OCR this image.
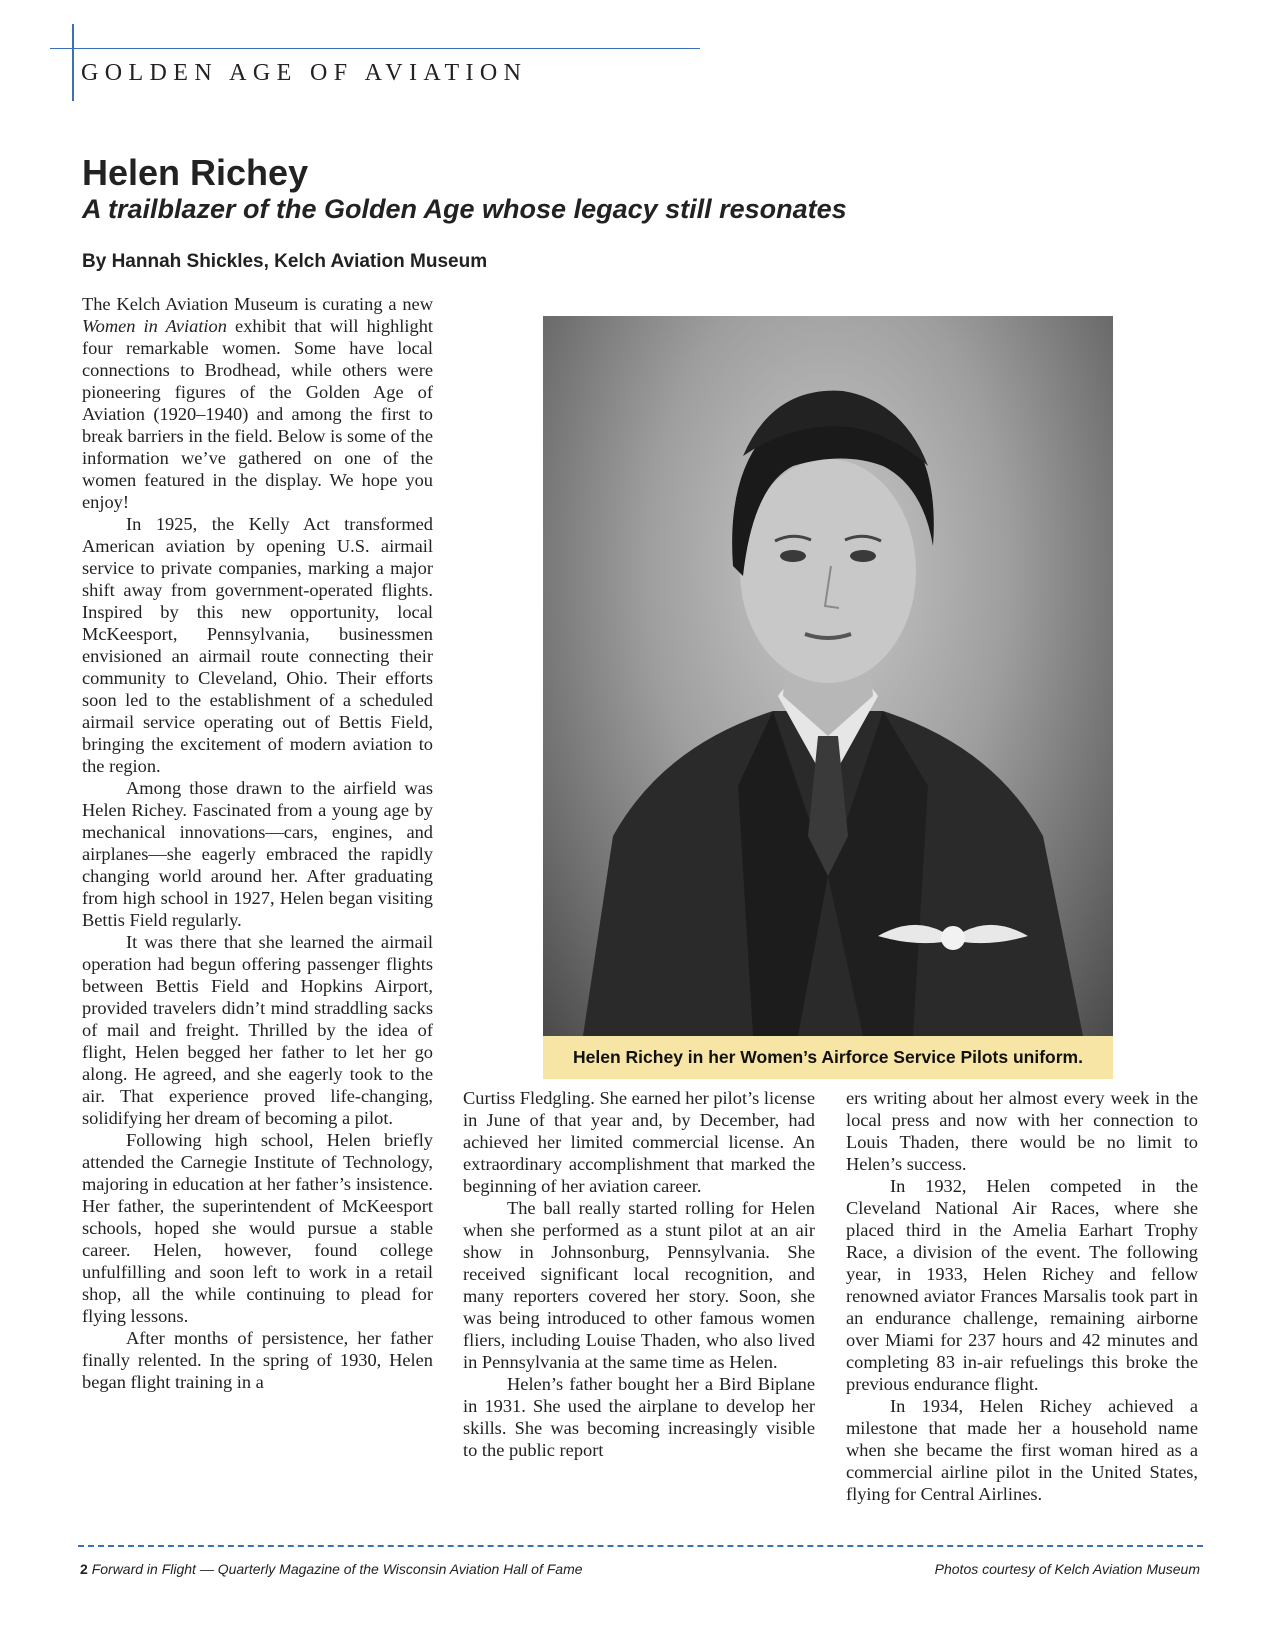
GOLDEN AGE OF AVIATION
Helen Richey
A trailblazer of the Golden Age whose legacy still resonates
By Hannah Shickles, Kelch Aviation Museum

The Kelch Aviation Museum is curating a new Women in Aviation exhibit that will highlight four remarkable women. Some have local connections to Brodhead, while others were pioneering figures of the Golden Age of Aviation (1920–1940) and among the first to break barriers in the field. Below is some of the information we’ve gathered on one of the women featured in the display. We hope you enjoy!

In 1925, the Kelly Act transformed American aviation by opening U.S. airmail service to private companies, marking a major shift away from government-operated flights. Inspired by this new opportunity, local McKeesport, Pennsylvania, businessmen envisioned an airmail route connecting their community to Cleveland, Ohio. Their efforts soon led to the establishment of a scheduled airmail service operating out of Bettis Field, bringing the excitement of modern aviation to the region.

Among those drawn to the airfield was Helen Richey. Fascinated from a young age by mechanical innovations—cars, engines, and airplanes—she eagerly embraced the rapidly changing world around her. After graduating from high school in 1927, Helen began visiting Bettis Field regularly.

It was there that she learned the airmail operation had begun offering passenger flights between Bettis Field and Hopkins Airport, provided travelers didn’t mind straddling sacks of mail and freight. Thrilled by the idea of flight, Helen begged her father to let her go along. He agreed, and she eagerly took to the air. That experience proved life-changing, solidifying her dream of becoming a pilot.

Following high school, Helen briefly attended the Carnegie Institute of Technology, majoring in education at her father’s insistence. Her father, the superintendent of McKeesport schools, hoped she would pursue a stable career. Helen, however, found college unfulfilling and soon left to work in a retail shop, all the while continuing to plead for flying lessons.

After months of persistence, her father finally relented. In the spring of 1930, Helen began flight training in a

Helen Richey in her Women’s Airforce Service Pilots uniform.

Curtiss Fledgling. She earned her pilot’s license in June of that year and, by December, had achieved her limited commercial license. An extraordinary accomplishment that marked the beginning of her aviation career.

The ball really started rolling for Helen when she performed as a stunt pilot at an air show in Johnsonburg, Pennsylvania. She received significant local recognition, and many reporters covered her story. Soon, she was being introduced to other famous women fliers, including Louise Thaden, who also lived in Pennsylvania at the same time as Helen.

Helen’s father bought her a Bird Biplane in 1931. She used the airplane to develop her skills. She was becoming increasingly visible to the public report

ers writing about her almost every week in the local press and now with her connection to Louis Thaden, there would be no limit to Helen’s success.

In 1932, Helen competed in the Cleveland National Air Races, where she placed third in the Amelia Earhart Trophy Race, a division of the event. The following year, in 1933, Helen Richey and fellow renowned aviator Frances Marsalis took part in an endurance challenge, remaining airborne over Miami for 237 hours and 42 minutes and completing 83 in-air refuelings this broke the previous endurance flight.

In 1934, Helen Richey achieved a milestone that made her a household name when she became the first woman hired as a commercial airline pilot in the United States, flying for Central Airlines.

2 Forward in Flight — Quarterly Magazine of the Wisconsin Aviation Hall of Fame	Photos courtesy of Kelch Aviation Museum
